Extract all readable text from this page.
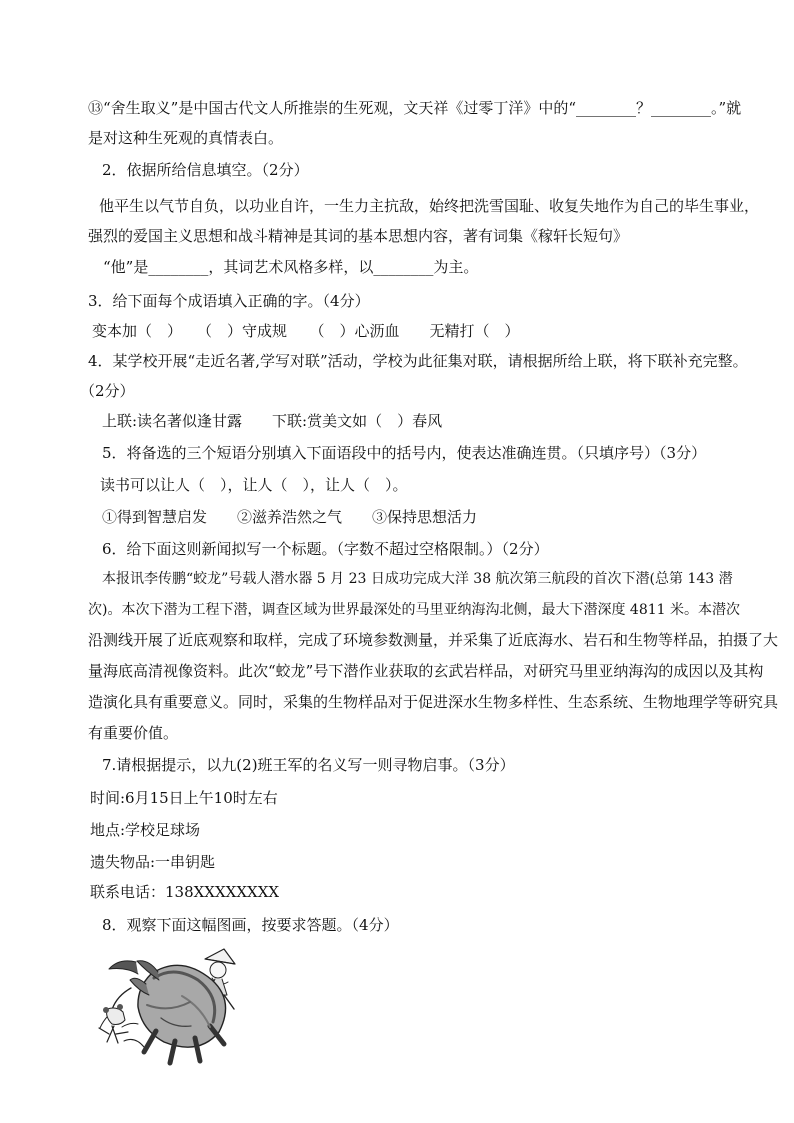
⑬“舍生取义”是中国古代文人所推崇的生死观，文天祥《过零丁洋》中的“________？________。”就
是对这种生死观的真情表白。
2．依据所给信息填空。（2分）
他平生以气节自负，以功业自许，一生力主抗敌，始终把洗雪国耻、收复失地作为自己的毕生事业，
强烈的爱国主义思想和战斗精神是其词的基本思想内容，著有词集《稼轩长短句》
“他”是________，其词艺术风格多样，以________为主。
3．给下面每个成语填入正确的字。（4分）
变本加（　）　　（　）守成规　　（　）心沥血　　无精打（　）
4．某学校开展“走近名著,学写对联”活动，学校为此征集对联，请根据所给上联，将下联补充完整。
（2分）
上联:读名著似逢甘露　　下联:赏美文如（　）春风
5．将备选的三个短语分别填入下面语段中的括号内，使表达准确连贯。（只填序号）（3分）
读书可以让人（　），让人（　），让人（　）。
①得到智慧启发　　②滋养浩然之气　　③保持思想活力
6．给下面这则新闻拟写一个标题。（字数不超过空格限制。）（2分）
本报讯李传鹏“蛟龙”号载人潜水器 5 月 23 日成功完成大洋 38 航次第三航段的首次下潜(总第 143 潜
次)。本次下潜为工程下潜，调查区域为世界最深处的马里亚纳海沟北侧，最大下潜深度 4811 米。本潜次
沿测线开展了近底观察和取样，完成了环境参数测量，并采集了近底海水、岩石和生物等样品，拍摄了大
量海底高清视像资料。此次“蛟龙”号下潜作业获取的玄武岩样品，对研究马里亚纳海沟的成因以及其构
造演化具有重要意义。同时，采集的生物样品对于促进深水生物多样性、生态系统、生物地理学等研究具
有重要价值。
7.请根据提示，以九(2)班王军的名义写一则寻物启事。（3分）
时间:6月15日上午10时左右
地点:学校足球场
遗失物品:一串钥匙
联系电话：138XXXXXXXX
8．观察下面这幅图画，按要求答题。（4分）
